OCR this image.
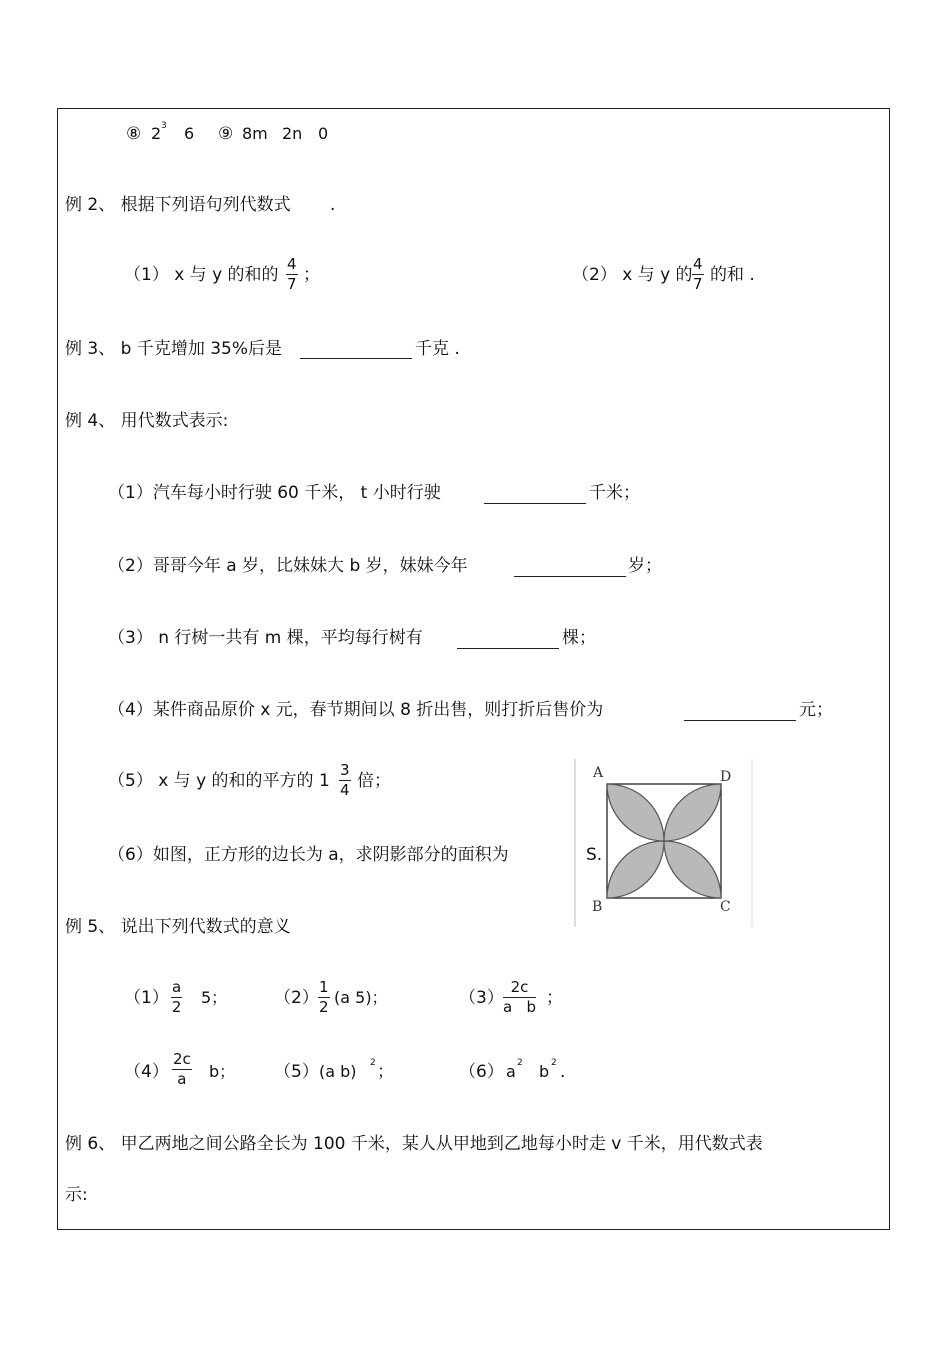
⑧ 2 3 6 ⑨ 8m 2n 0
例 2、 根据下列语句列代数式 .
（1） x 与 y 的和的
4
7 ；	（2） x 与 y 的
4
7 的和 .
例 3、 b 千克增加 35%后是	千克 .
例 4、 用代数式表示:
（1）汽车每小时行驶 60 千米， t 小时行驶	千米；
（2）哥哥今年 a 岁，比妹妹大 b 岁，妹妹今年	岁；
（3） n 行树一共有 m 棵，平均每行树有	棵；
（4）某件商品原价 x 元，春节期间以 8 折出售，则打折后售价为	元；
（5） x 与 y 的和的平方的 1
3
4 倍；
（6）如图，正方形的边长为 a，求阴影部分的面积为	S.
A	D
B	C
例 5、 说出下列代数式的意义
（1）
a
2 5；	（2）
1
2 (a 5)；	（3）
2c
a   b ；
（4）
2c
a b； （5） (a b) 2 ；	（6） a 2 b 2 .
例 6、 甲乙两地之间公路全长为 100 千米，某人从甲地到乙地每小时走 v 千米，用代数式表
示:
